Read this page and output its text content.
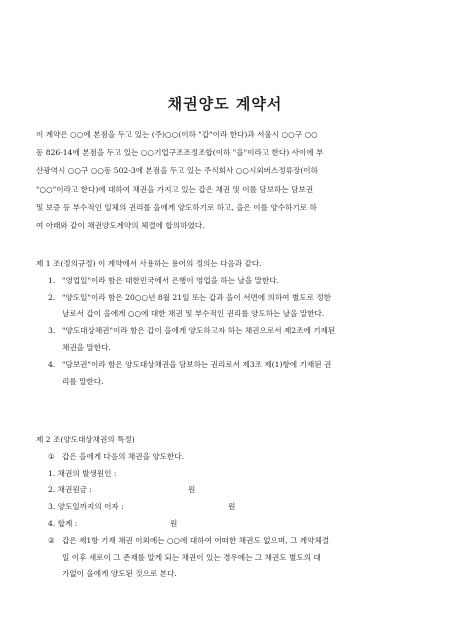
채권양도 계약서
이 계약은 ○○에 본점을 두고 있는 (주)○○(이하 "갑"이라 한다)과 서울시 ○○구 ○○
동 826-14에 본점을 두고 있는 ○○기업구조조정조합(이하 "을"이라고 한다) 사이에 부
산광역시 ○○구 ○○동 502-3에 본점을 두고 있는 주식회사 ○○시외버스정류장(이하
"○○"이라고 한다)에 대하여 채권을 가지고 있는 갑은 채권 및 이를 담보하는 담보권
및 보증 등 부수적인 일체의 권리를 을에게 양도하기로 하고, 을은 이를 양수하기로 하
여 아래와 같이 채권양도계약의 체결에 합의하였다.
제 1 조(정의규정) 이 계약에서 사용하는 용어의 정의는 다음과 같다.
1. "영업일"이라 함은 대한민국에서 은행이 영업을 하는 날을 말한다.
2. "양도일"이라 함은 20○○년 8월 21일 또는 갑과 을이 서면에 의하여 별도로 정한
날로서 갑이 을에게 ○○에 대한 채권 및 부수적인 권리를 양도하는 날을 말한다.
3. "양도대상채권"이라 함은 갑이 을에게 양도하고자 하는 채권으로서 제2조에 기재된
채권을 말한다.
4. "담보권"이라 함은 양도대상채권을 담보하는 권리로서 제3조 제(1)항에 기재된 권
리를 말한다.
제 2 조(양도대상채권의 특정)
① 갑은 을에게 다음의 채권을 양도한다.
1. 채권의 발생원인 :
2. 채권원금 :	원
3. 양도일까지의 이자 :	원
4. 합계 :	원
② 갑은 제1항 기재 채권 이외에는 ○○에 대하여 어떠한 채권도 없으며, 그 계약체결
일 이후 새로이 그 존재를 알게 되는 채권이 있는 경우에는 그 채권도 별도의 대
가없이 을에게 양도된 것으로 본다.
